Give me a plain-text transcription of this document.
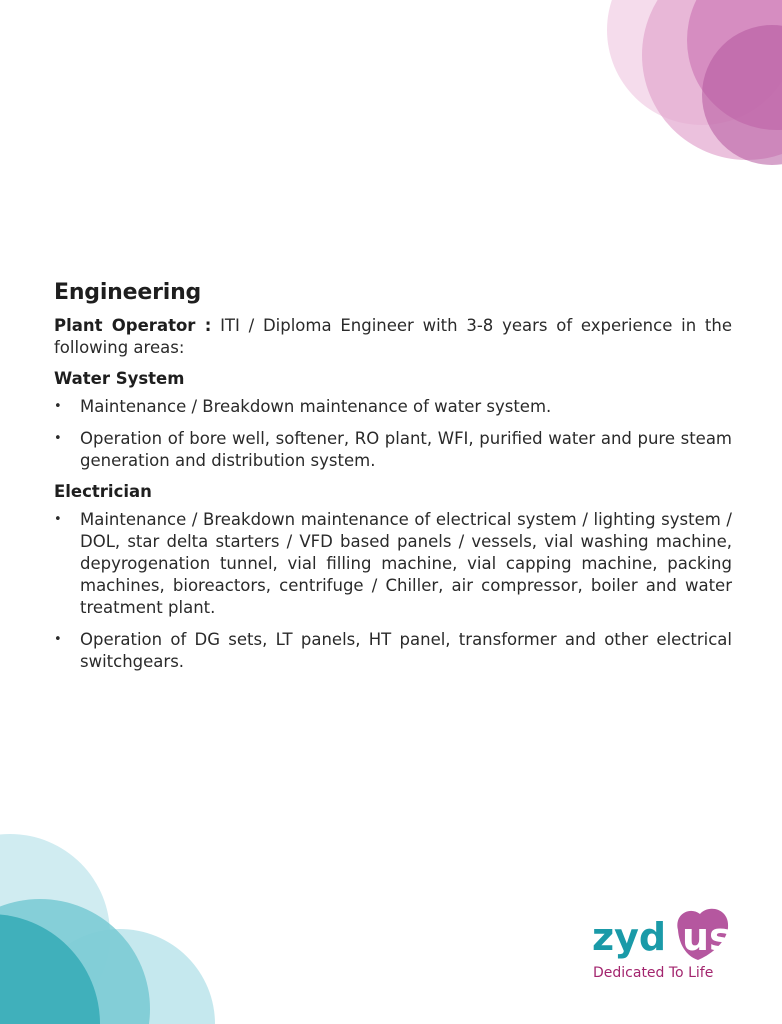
Engineering

Plant Operator : ITI / Diploma Engineer with 3-8 years of experience in the following areas:

Water System
• Maintenance / Breakdown maintenance of water system.
• Operation of bore well, softener, RO plant, WFI, purified water and pure steam generation and distribution system.
Electrician
• Maintenance / Breakdown maintenance of electrical system / lighting system / DOL, star delta starters / VFD based panels / vessels, vial washing machine, depyrogenation tunnel, vial filling machine, vial capping machine, packing machines, bioreactors, centrifuge / Chiller, air compressor, boiler and water treatment plant.
• Operation of DG sets, LT panels, HT panel, transformer and other electrical switchgears.
zyd us
Dedicated To Life
